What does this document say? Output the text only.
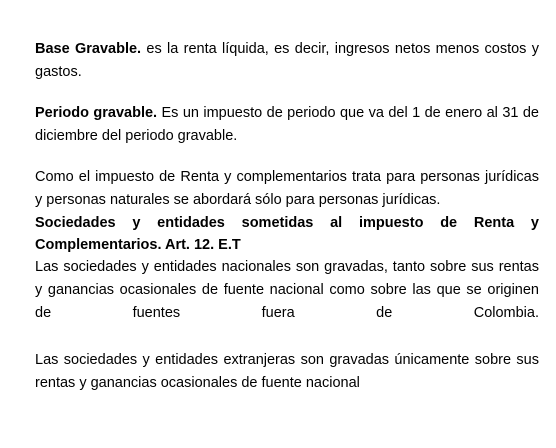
Base Gravable. es la renta líquida, es decir, ingresos netos menos costos y gastos.

Periodo gravable. Es un impuesto de periodo que va del 1 de enero al 31 de diciembre del periodo gravable.

Como el impuesto de Renta y complementarios trata para personas jurídicas y personas naturales se abordará sólo para personas jurídicas.

Sociedades y entidades sometidas al impuesto de Renta y Complementarios. Art. 12. E.T

Las sociedades y entidades nacionales son gravadas, tanto sobre sus rentas y ganancias ocasionales de fuente nacional como sobre las que se originen de fuentes fuera de Colombia.

Las sociedades y entidades extranjeras son gravadas únicamente sobre sus rentas y ganancias ocasionales de fuente nacional
